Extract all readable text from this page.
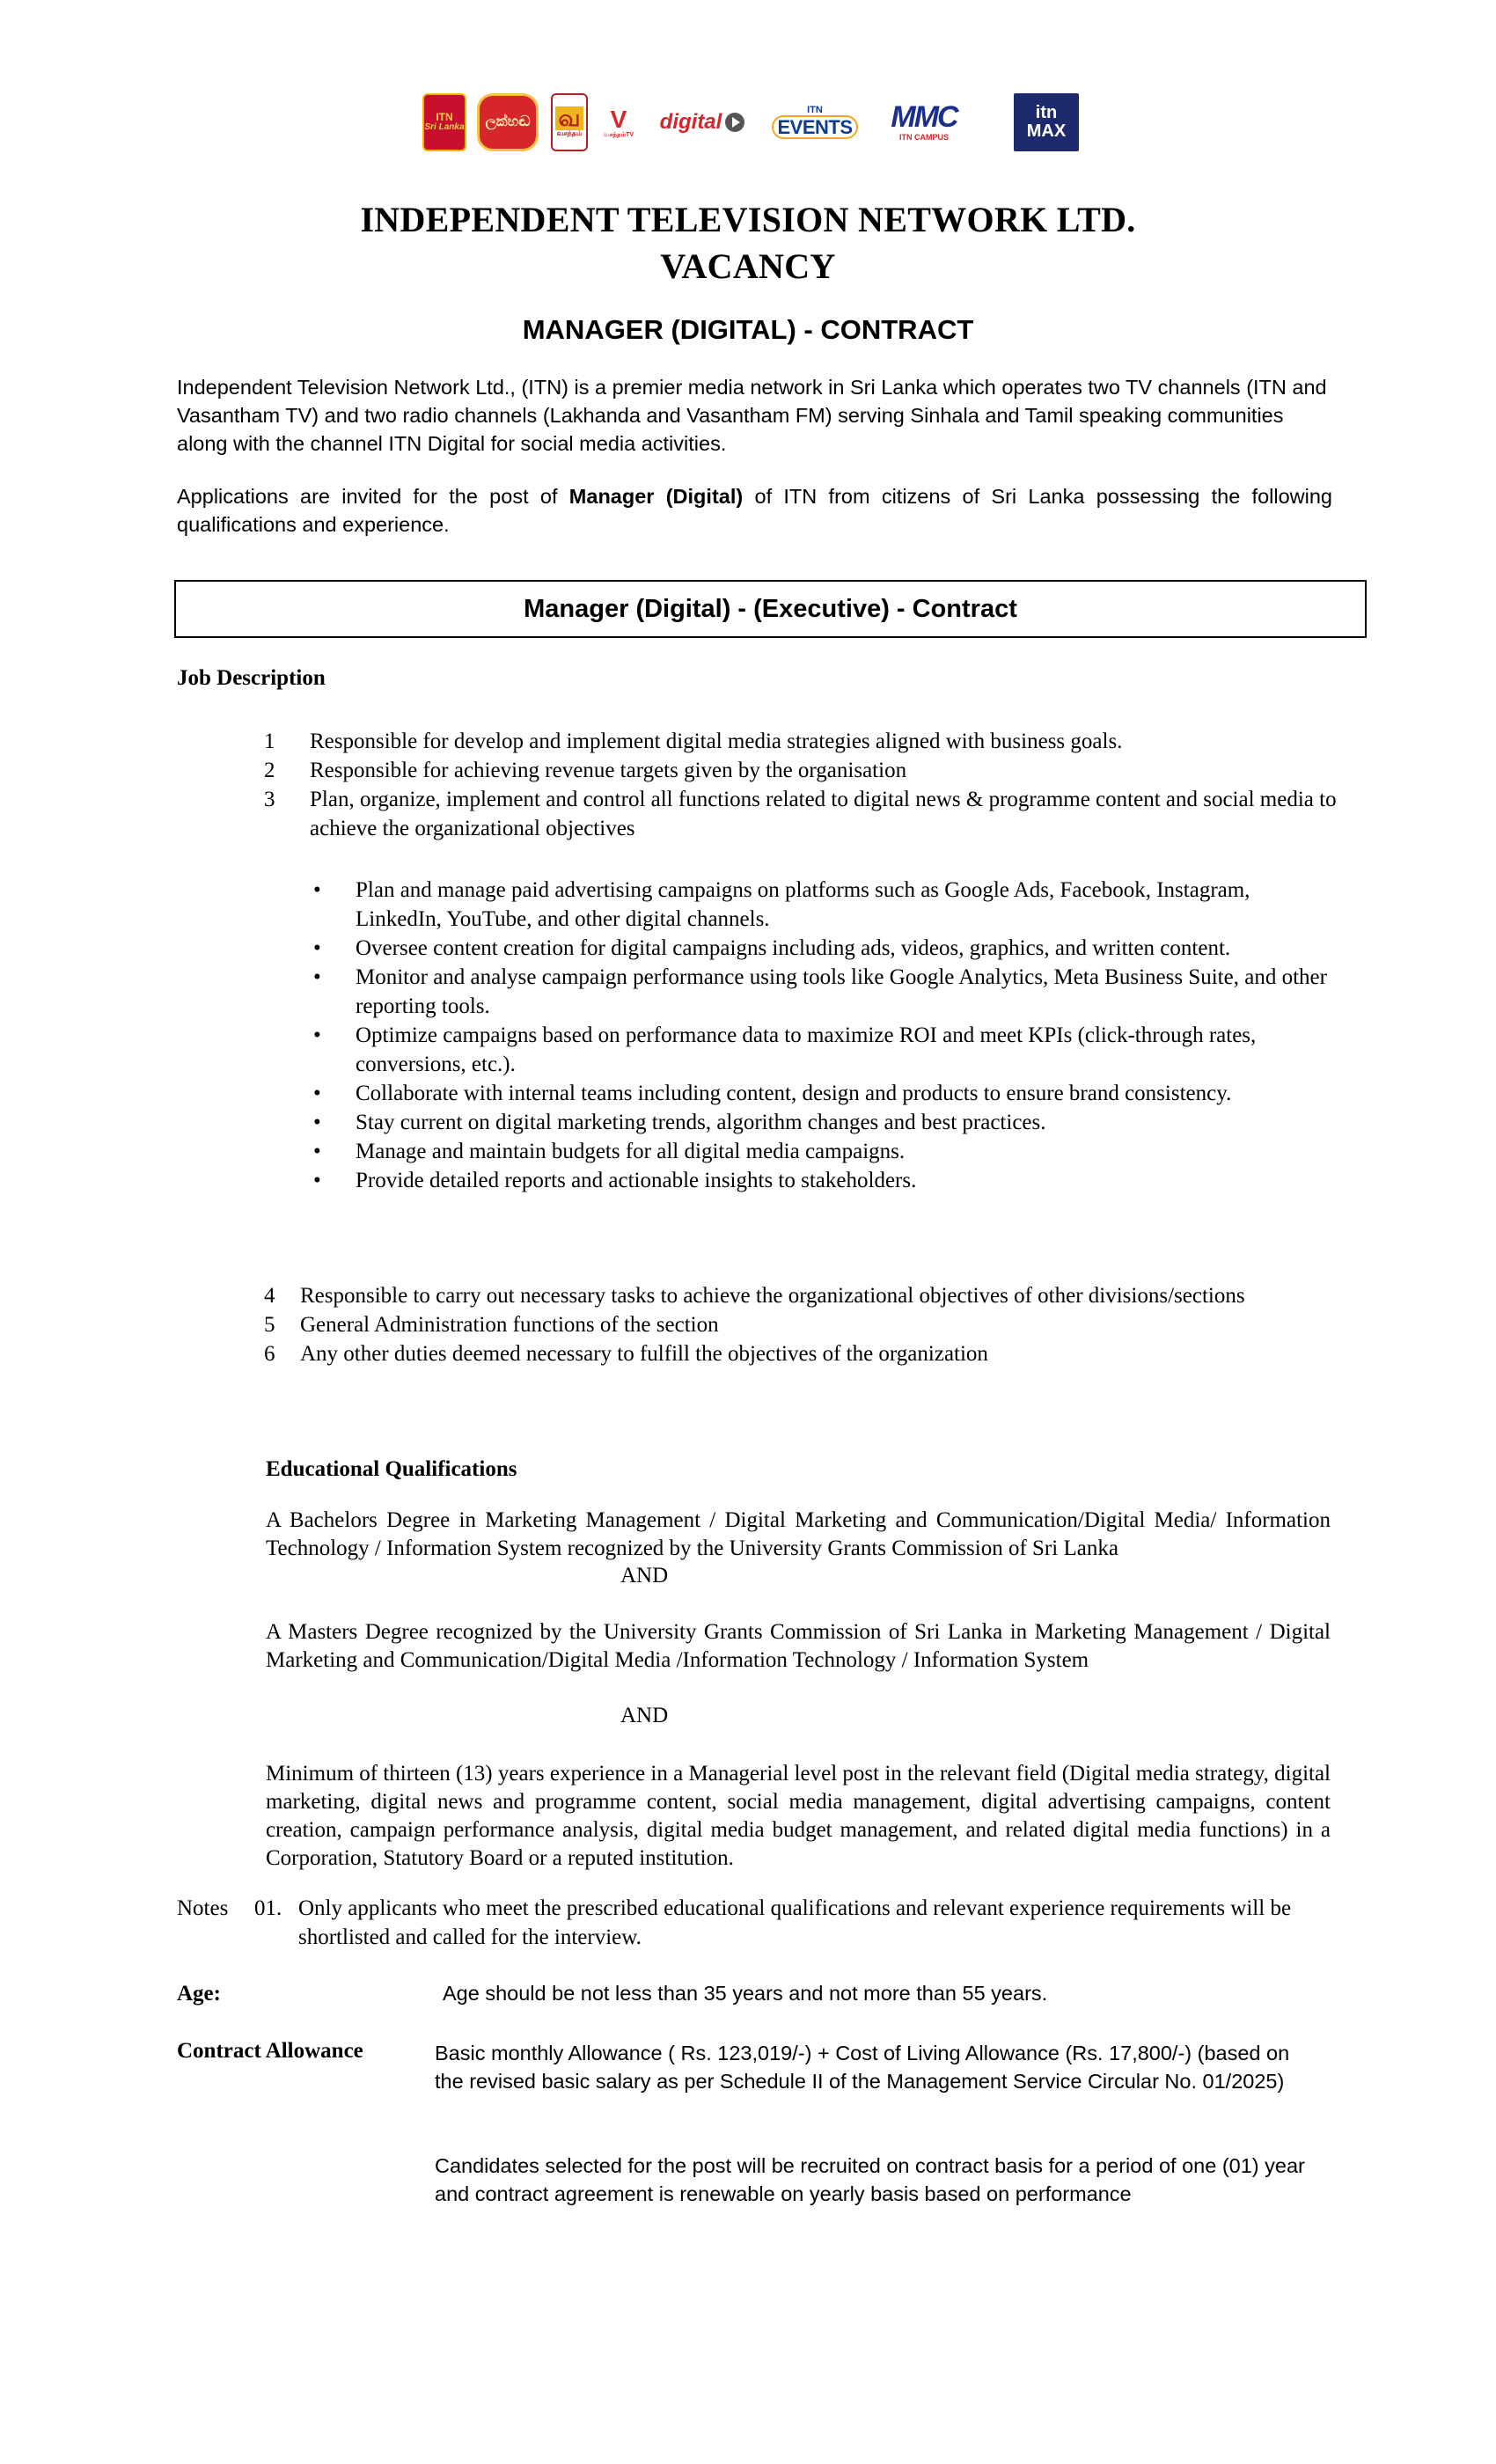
ITN
Sri Lanka ලක්හඬ வ
வசந்தம்
V
வசந்தம்TV
digital
ITN
EVENTS MMC
ITN CAMPUS
itn
MAX
INDEPENDENT TELEVISION NETWORK LTD.
VACANCY
MANAGER (DIGITAL) - CONTRACT

Independent Television Network Ltd., (ITN) is a premier media network in Sri Lanka which operates two TV channels (ITN and Vasantham TV) and two radio channels (Lakhanda and Vasantham FM) serving Sinhala and Tamil speaking communities along with the channel ITN Digital for social media activities.

Applications are invited for the post of Manager (Digital) of ITN from citizens of Sri Lanka possessing the following qualifications and experience.

Manager (Digital) - (Executive) - Contract
Job Description
1 Responsible for develop and implement digital media strategies aligned with business goals.
2 Responsible for achieving revenue targets given by the organisation
3 Plan, organize, implement and control all functions related to digital news & programme content and social media to achieve the organizational objectives
• Plan and manage paid advertising campaigns on platforms such as Google Ads, Facebook, Instagram, LinkedIn, YouTube, and other digital channels.
• Oversee content creation for digital campaigns including ads, videos, graphics, and written content.
• Monitor and analyse campaign performance using tools like Google Analytics, Meta Business Suite, and other reporting tools.
• Optimize campaigns based on performance data to maximize ROI and meet KPIs (click-through rates, conversions, etc.).
• Collaborate with internal teams including content, design and products to ensure brand consistency.
• Stay current on digital marketing trends, algorithm changes and best practices.
• Manage and maintain budgets for all digital media campaigns.
• Provide detailed reports and actionable insights to stakeholders.
4 Responsible to carry out necessary tasks to achieve the organizational objectives of other divisions/sections
5 General Administration functions of the section
6 Any other duties deemed necessary to fulfill the objectives of the organization
Educational Qualifications

A Bachelors Degree in Marketing Management / Digital Marketing and Communication/Digital Media/ Information Technology / Information System recognized by the University Grants Commission of Sri Lanka

AND

A Masters Degree recognized by the University Grants Commission of Sri Lanka in Marketing Management / Digital Marketing and Communication/Digital Media /Information Technology / Information System

AND

Minimum of thirteen (13) years experience in a Managerial level post in the relevant field (Digital media strategy, digital marketing, digital news and programme content, social media management, digital advertising campaigns, content creation, campaign performance analysis, digital media budget management, and related digital media functions) in a Corporation, Statutory Board or a reputed institution.

Notes 01. Only applicants who meet the prescribed educational qualifications and relevant experience requirements will be shortlisted and called for the interview.
Age:	Age should be not less than 35 years and not more than 55 years.
Contract Allowance	Basic monthly Allowance ( Rs. 123,019/-) + Cost of Living Allowance (Rs. 17,800/-) (based on the revised basic salary as per Schedule II of the Management Service Circular No. 01/2025)

Candidates selected for the post will be recruited on contract basis for a period of one (01) year and contract agreement is renewable on yearly basis based on performance
